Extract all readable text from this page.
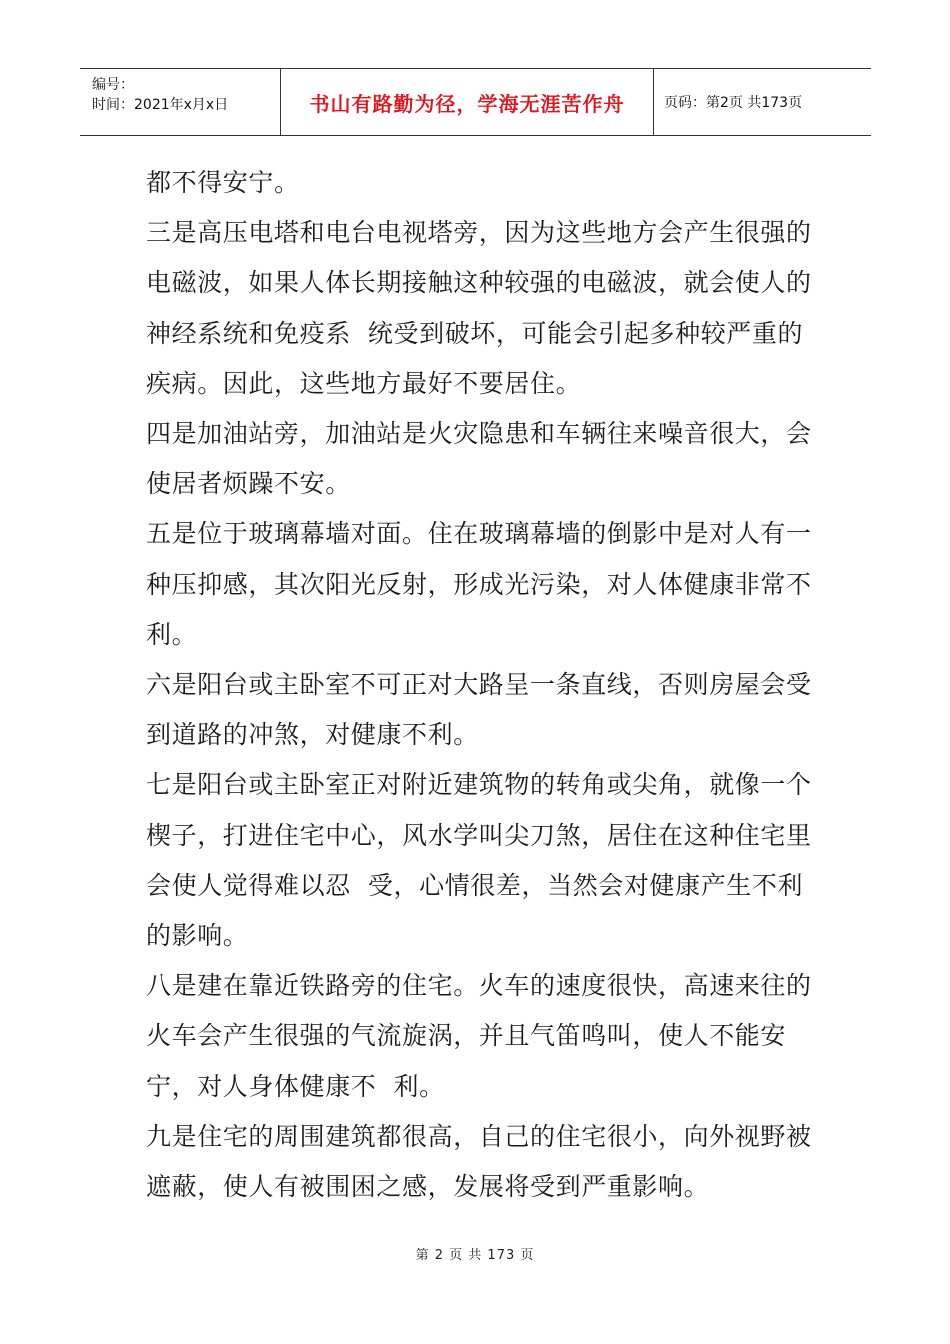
编号：
时间：2021年x月x日	书山有路勤为径，学海无涯苦作舟	页码：第2页 共173页

都不得安宁。

三是高压电塔和电台电视塔旁，因为这些地方会产生很强的电磁波，如果人体长期接触这种较强的电磁波，就会使人的神经系统和免疫系  统受到破坏，可能会引起多种较严重的疾病。因此，这些地方最好不要居住。

四是加油站旁，加油站是火灾隐患和车辆往来噪音很大，会使居者烦躁不安。

五是位于玻璃幕墙对面。住在玻璃幕墙的倒影中是对人有一种压抑感，其次阳光反射，形成光污染，对人体健康非常不利。

六是阳台或主卧室不可正对大路呈一条直线，否则房屋会受到道路的冲煞，对健康不利。

七是阳台或主卧室正对附近建筑物的转角或尖角，就像一个楔子，打进住宅中心，风水学叫尖刀煞，居住在这种住宅里会使人觉得难以忍  受，心情很差，当然会对健康产生不利的影响。

八是建在靠近铁路旁的住宅。火车的速度很快，高速来往的火车会产生很强的气流旋涡，并且气笛鸣叫，使人不能安宁，对人身体健康不  利。

九是住宅的周围建筑都很高，自己的住宅很小，向外视野被遮蔽，使人有被围困之感，发展将受到严重影响。

第 2 页 共 173 页
